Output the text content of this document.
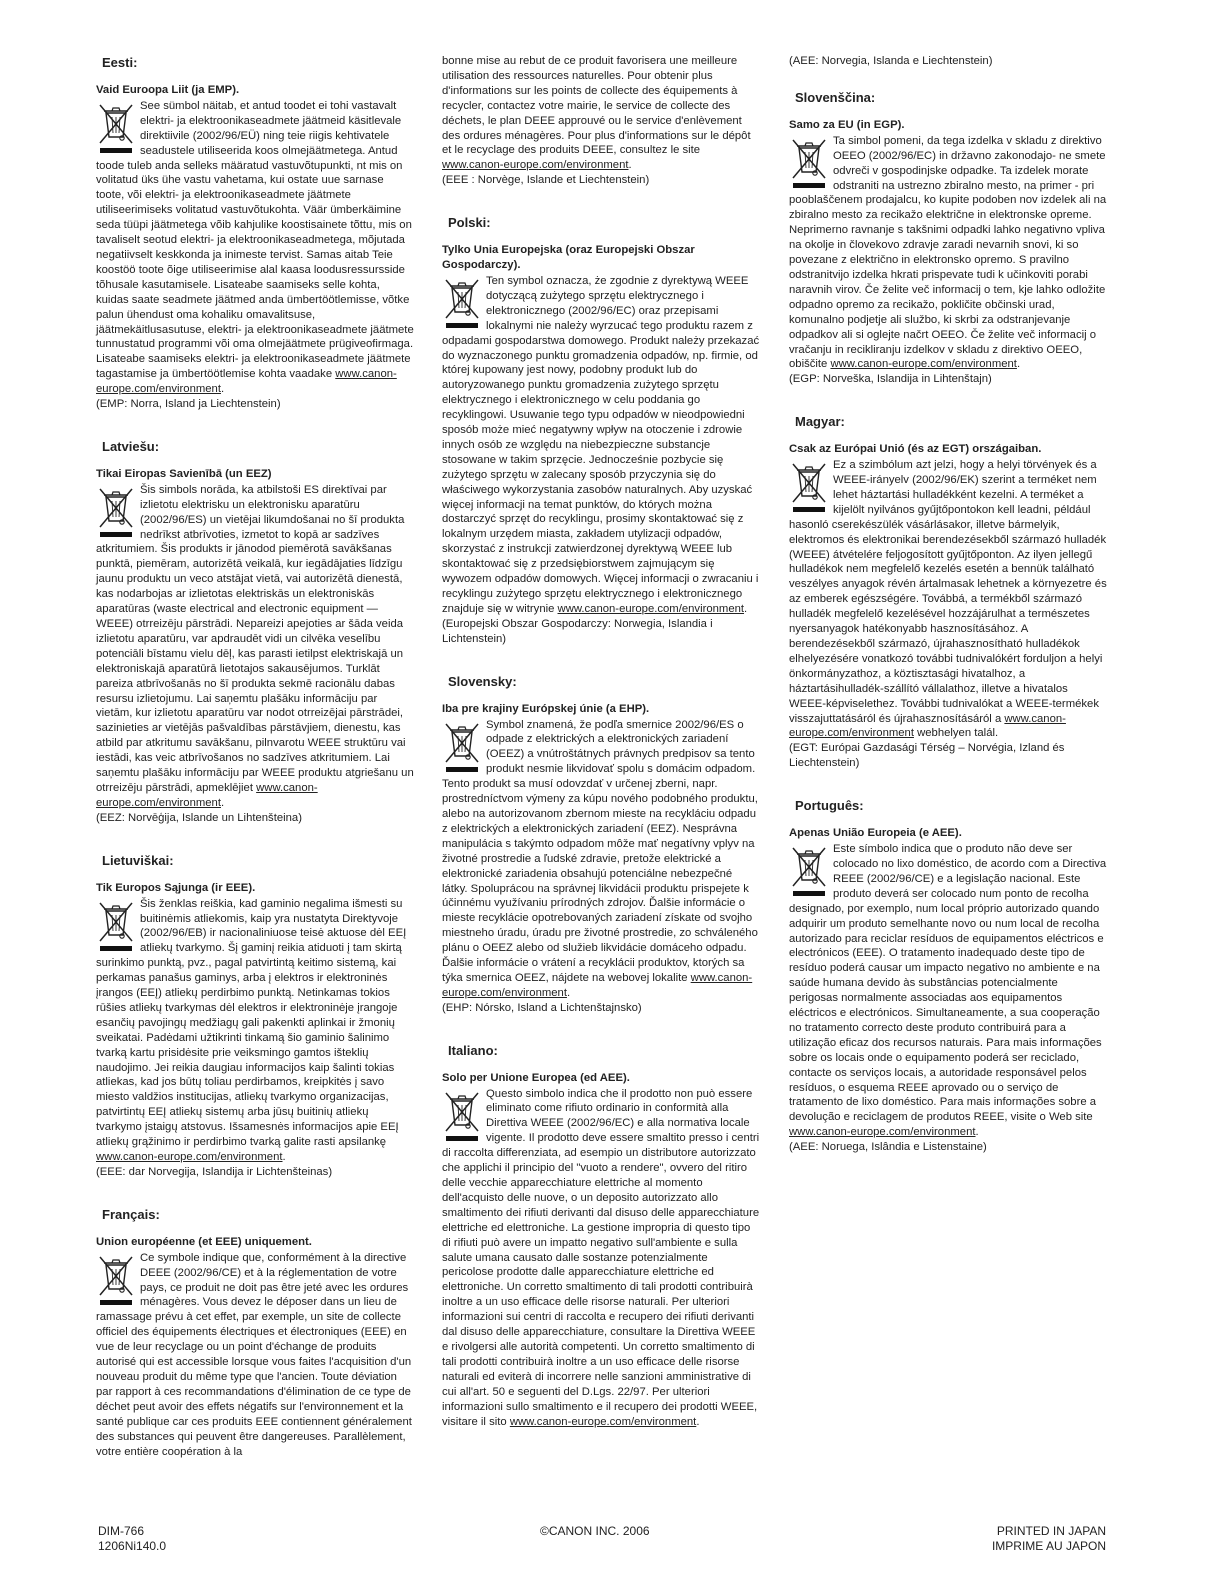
Eesti:
Vaid Euroopa Liit (ja EMP).
See sümbol näitab, et antud toodet ei tohi vastavalt elektri- ja elektroonikaseadmete jäätmeid käsitlevale direktiivile (2002/96/EÜ) ning teie riigis kehtivatele seadustele utiliseerida koos olmejäätmetega. Antud toode tuleb anda selleks määratud vastuvõtupunkti, nt mis on volitatud üks ühe vastu vahetama, kui ostate uue sarnase toote, või elektri- ja elektroonikaseadmete jäätmete utiliseerimiseks volitatud vastuvõtukohta. Väär ümberkäimine seda tüüpi jäätmetega võib kahjulike koostisainete tõttu, mis on tavaliselt seotud elektri- ja elektroonikaseadmetega, mõjutada negatiivselt keskkonda ja inimeste tervist. Samas aitab Teie koostöö toote õige utiliseerimise alal kaasa loodusressursside tõhusale kasutamisele. Lisateabe saamiseks selle kohta, kuidas saate seadmete jäätmed anda ümbertöötlemisse, võtke palun ühendust oma kohaliku omavalitsuse, jäätmekäitlusasutuse, elektri- ja elektroonikaseadmete jäätmete tunnustatud programmi või oma olmejäätmete prügiveofirmaga. Lisateabe saamiseks elektri- ja elektroonikaseadmete jäätmete tagastamise ja ümbertöötlemise kohta vaadake www.canon-europe.com/environment.
(EMP: Norra, Island ja Liechtenstein)
Latviešu:
Tikai Eiropas Savienībā (un EEZ)
Šis simbols norāda, ka atbilstoši ES direktīvai par izlietotu elektrisku un elektronisku aparatūru (2002/96/ES) un vietējai likumdošanai no šī produkta nedrīkst atbrīvoties, izmetot to kopā ar sadzīves atkritumiem. Šis produkts ir jānodod piemērotā savākšanas punktā, piemēram, autorizētā veikalā, kur iegādājaties līdzīgu jaunu produktu un veco atstājat vietā, vai autorizētā dienestā, kas nodarbojas ar izlietotas elektriskās un elektroniskās aparatūras (waste electrical and electronic equipment — WEEE) otrreizēju pārstrādi. Nepareizi apejoties ar šāda veida izlietotu aparatūru, var apdraudēt vidi un cilvēka veselību potenciāli bīstamu vielu dēļ, kas parasti ietilpst elektriskajā un elektroniskajā aparatūrā lietotajos sakausējumos. Turklāt pareiza atbrīvošanās no šī produkta sekmē racionālu dabas resursu izlietojumu. Lai saņemtu plašāku informāciju par vietām, kur izlietotu aparatūru var nodot otrreizējai pārstrādei, sazinieties ar vietējās pašvaldības pārstāvjiem, dienestu, kas atbild par atkritumu savākšanu, pilnvarotu WEEE struktūru vai iestādi, kas veic atbrīvošanos no sadzīves atkritumiem. Lai saņemtu plašāku informāciju par WEEE produktu atgriešanu un otrreizēju pārstrādi, apmeklējiet www.canon-europe.com/environment.
(EEZ: Norvēģija, Islande un Lihtenšteina)
Lietuviškai:
Tik Europos Sąjunga (ir EEE).
Šis ženklas reiškia, kad gaminio negalima išmesti su buitinėmis atliekomis, kaip yra nustatyta Direktyvoje (2002/96/EB) ir nacionaliniuose teisė aktuose dėl EEĮ atliekų tvarkymo. Šį gaminį reikia atiduoti į tam skirtą surinkimo punktą, pvz., pagal patvirtintą keitimo sistemą, kai perkamas panašus gaminys, arba į elektros ir elektroninės įrangos (EEĮ) atliekų perdirbimo punktą. Netinkamas tokios rūšies atliekų tvarkymas dėl elektros ir elektroninėje įrangoje esančių pavojingų medžiagų gali pakenkti aplinkai ir žmonių sveikatai. Padėdami užtikrinti tinkamą šio gaminio šalinimo tvarką kartu prisidėsite prie veiksmingo gamtos išteklių naudojimo. Jei reikia daugiau informacijos kaip šalinti tokias atliekas, kad jos būtų toliau perdirbamos, kreipkitės į savo miesto valdžios institucijas, atliekų tvarkymo organizacijas, patvirtintų EEĮ atliekų sistemų arba jūsų buitinių atliekų tvarkymo įstaigų atstovus. Išsamesnės informacijos apie EEĮ atliekų grąžinimo ir perdirbimo tvarką galite rasti apsilankę www.canon-europe.com/environment.
(EEE: dar Norvegija, Islandija ir Lichtenšteinas)
Français:
Union européenne (et EEE) uniquement.
Ce symbole indique que, conformément à la directive DEEE (2002/96/CE) et à la réglementation de votre pays, ce produit ne doit pas être jeté avec les ordures ménagères. Vous devez le déposer dans un lieu de ramassage prévu à cet effet, par exemple, un site de collecte officiel des équipements électriques et électroniques (EEE) en vue de leur recyclage ou un point d'échange de produits autorisé qui est accessible lorsque vous faites l'acquisition d'un nouveau produit du même type que l'ancien. Toute déviation par rapport à ces recommandations d'élimination de ce type de déchet peut avoir des effets négatifs sur l'environnement et la santé publique car ces produits EEE contiennent généralement des substances qui peuvent être dangereuses. Parallèlement, votre entière coopération à la
bonne mise au rebut de ce produit favorisera une meilleure utilisation des ressources naturelles. Pour obtenir plus d'informations sur les points de collecte des équipements à recycler, contactez votre mairie, le service de collecte des déchets, le plan DEEE approuvé ou le service d'enlèvement des ordures ménagères. Pour plus d'informations sur le dépôt et le recyclage des produits DEEE, consultez le site www.canon-europe.com/environment.
(EEE : Norvège, Islande et Liechtenstein)
Polski:
Tylko Unia Europejska (oraz Europejski Obszar Gospodarczy).
Ten symbol oznacza, że zgodnie z dyrektywą WEEE dotyczącą zużytego sprzętu elektrycznego i elektronicznego (2002/96/EC) oraz przepisami lokalnymi nie należy wyrzucać tego produktu razem z odpadami gospodarstwa domowego. Produkt należy przekazać do wyznaczonego punktu gromadzenia odpadów, np. firmie, od której kupowany jest nowy, podobny produkt lub do autoryzowanego punktu gromadzenia zużytego sprzętu elektrycznego i elektronicznego w celu poddania go recyklingowi. Usuwanie tego typu odpadów w nieodpowiedni sposób może mieć negatywny wpływ na otoczenie i zdrowie innych osób ze względu na niebezpieczne substancje stosowane w takim sprzęcie. Jednocześnie pozbycie się zużytego sprzętu w zalecany sposób przyczynia się do właściwego wykorzystania zasobów naturalnych. Aby uzyskać więcej informacji na temat punktów, do których można dostarczyć sprzęt do recyklingu, prosimy skontaktować się z lokalnym urzędem miasta, zakładem utylizacji odpadów, skorzystać z instrukcji zatwierdzonej dyrektywą WEEE lub skontaktować się z przedsiębiorstwem zajmującym się wywozem odpadów domowych. Więcej informacji o zwracaniu i recyklingu zużytego sprzętu elektrycznego i elektronicznego znajduje się w witrynie www.canon-europe.com/environment.
(Europejski Obszar Gospodarczy: Norwegia, Islandia i Lichtenstein)
Slovensky:
Iba pre krajiny Európskej únie (a EHP).
Symbol znamená, že podľa smernice 2002/96/ES o odpade z elektrických a elektronických zariadení (OEEZ) a vnútroštátnych právnych predpisov sa tento produkt nesmie likvidovať spolu s domácim odpadom. Tento produkt sa musí odovzdať v určenej zberni, napr. prostredníctvom výmeny za kúpu nového podobného produktu, alebo na autorizovanom zbernom mieste na recykláciu odpadu z elektrických a elektronických zariadení (EEZ). Nesprávna manipulácia s takýmto odpadom môže mať negatívny vplyv na životné prostredie a ľudské zdravie, pretože elektrické a elektronické zariadenia obsahujú potenciálne nebezpečné látky. Spoluprácou na správnej likvidácii produktu prispejete k účinnému využívaniu prírodných zdrojov. Ďalšie informácie o mieste recyklácie opotrebovaných zariadení získate od svojho miestneho úradu, úradu pre životné prostredie, zo schváleného plánu o OEEZ alebo od služieb likvidácie domáceho odpadu. Ďalšie informácie o vrátení a recyklácii produktov, ktorých sa týka smernica OEEZ, nájdete na webovej lokalite www.canon-europe.com/environment.
(EHP: Nórsko, Island a Lichtenštajnsko)
Italiano:
Solo per Unione Europea (ed AEE).
Questo simbolo indica che il prodotto non può essere eliminato come rifiuto ordinario in conformità alla Direttiva WEEE (2002/96/EC) e alla normativa locale vigente. Il prodotto deve essere smaltito presso i centri di raccolta differenziata, ad esempio un distributore autorizzato che applichi il principio del "vuoto a rendere", ovvero del ritiro delle vecchie apparecchiature elettriche al momento dell'acquisto delle nuove, o un deposito autorizzato allo smaltimento dei rifiuti derivanti dal disuso delle apparecchiature elettriche ed elettroniche. La gestione impropria di questo tipo di rifiuti può avere un impatto negativo sull'ambiente e sulla salute umana causato dalle sostanze potenzialmente pericolose prodotte dalle apparecchiature elettriche ed elettroniche. Un corretto smaltimento di tali prodotti contribuirà inoltre a un uso efficace delle risorse naturali. Per ulteriori informazioni sui centri di raccolta e recupero dei rifiuti derivanti dal disuso delle apparecchiature, consultare la Direttiva WEEE e rivolgersi alle autorità competenti. Un corretto smaltimento di tali prodotti contribuirà inoltre a un uso efficace delle risorse naturali ed eviterà di incorrere nelle sanzioni amministrative di cui all'art. 50 e seguenti del D.Lgs. 22/97. Per ulteriori informazioni sullo smaltimento e il recupero dei prodotti WEEE, visitare il sito www.canon-europe.com/environment.
(AEE: Norvegia, Islanda e Liechtenstein)
Slovenščina:
Samo za EU (in EGP).
Ta simbol pomeni, da tega izdelka v skladu z direktivo OEEO (2002/96/EC) in državno zakonodajo- ne smete odvreči v gospodinjske odpadke. Ta izdelek morate odstraniti na ustrezno zbiralno mesto, na primer - pri pooblaščenem prodajalcu, ko kupite podoben nov izdelek ali na zbiralno mesto za recikažo električne in elektronske opreme. Neprimerno ravnanje s takšnimi odpadki lahko negativno vpliva na okolje in človekovo zdravje zaradi nevarnih snovi, ki so povezane z električno in elektronsko opremo. S pravilno odstranitvijo izdelka hkrati prispevate tudi k učinkoviti porabi naravnih virov. Če želite več informacij o tem, kje lahko odložite odpadno opremo za recikažo, pokličite občinski urad, komunalno podjetje ali službo, ki skrbi za odstranjevanje odpadkov ali si oglejte načrt OEEO. Če želite več informacij o vračanju in recikliranju izdelkov v skladu z direktivo OEEO, obiščite www.canon-europe.com/environment.
(EGP: Norveška, Islandija in Lihtenštajn)
Magyar:
Csak az Európai Unió (és az EGT) országaiban.
Ez a szimbólum azt jelzi, hogy a helyi törvények és a WEEE-irányelv (2002/96/EK) szerint a terméket nem lehet háztartási hulladékként kezelni. A terméket a kijelölt nyilvános gyűjtőpontokon kell leadni, például hasonló cserekészülék vásárlásakor, illetve bármelyik, elektromos és elektronikai berendezésekből származó hulladék (WEEE) átvételére feljogosított gyűjtőponton. Az ilyen jellegű hulladékok nem megfelelő kezelés esetén a bennük található veszélyes anyagok révén ártalmasak lehetnek a környezetre és az emberek egészségére. Továbbá, a termékből származó hulladék megfelelő kezelésével hozzájárulhat a természetes nyersanyagok hatékonyabb hasznosításához. A berendezésekből származó, újrahasznosítható hulladékok elhelyezésére vonatkozó további tudnivalókért forduljon a helyi önkormányzathoz, a köztisztasági hivatalhoz, a háztartásihulladék-szállító vállalathoz, illetve a hivatalos WEEE-képviselethez. További tudnivalókat a WEEE-termékek visszajuttatásáról és újrahasznosításáról a www.canon-europe.com/environment webhelyen talál.
(EGT: Európai Gazdasági Térség – Norvégia, Izland és Liechtenstein)
Português:
Apenas União Europeia (e AEE).
Este símbolo indica que o produto não deve ser colocado no lixo doméstico, de acordo com a Directiva REEE (2002/96/CE) e a legislação nacional. Este produto deverá ser colocado num ponto de recolha designado, por exemplo, num local próprio autorizado quando adquirir um produto semelhante novo ou num local de recolha autorizado para reciclar resíduos de equipamentos eléctricos e electrónicos (EEE). O tratamento inadequado deste tipo de resíduo poderá causar um impacto negativo no ambiente e na saúde humana devido às substâncias potencialmente perigosas normalmente associadas aos equipamentos eléctricos e electrónicos. Simultaneamente, a sua cooperação no tratamento correcto deste produto contribuirá para a utilização eficaz dos recursos naturais. Para mais informações sobre os locais onde o equipamento poderá ser reciclado, contacte os serviços locais, a autoridade responsável pelos resíduos, o esquema REEE aprovado ou o serviço de tratamento de lixo doméstico. Para mais informações sobre a devolução e reciclagem de produtos REEE, visite o Web site www.canon-europe.com/environment.
(AEE: Noruega, Islândia e Listenstaine)
DIM-766
1206Ni140.0
©CANON INC. 2006	PRINTED IN JAPAN
IMPRIME AU JAPON
